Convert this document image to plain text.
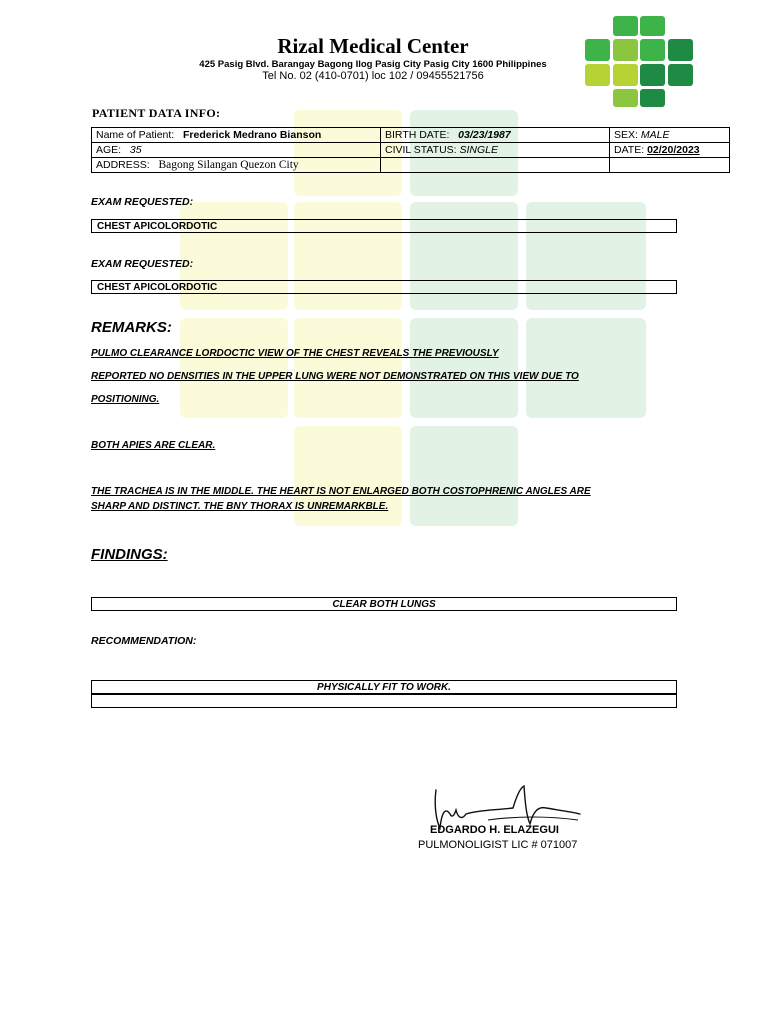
Rizal Medical Center
425 Pasig Blvd. Barangay Bagong Ilog Pasig City Pasig City 1600 Philippines
Tel No. 02 (410-0701) loc 102 / 09455521756
PATIENT DATA INFO:
Name of Patient: Frederick Medrano Bianson	BIRTH DATE: 03/23/1987	SEX: MALE
AGE: 35	CIVIL STATUS: SINGLE	DATE: 02/20/2023
ADDRESS: Bagong Silangan Quezon City		
EXAM REQUESTED:
CHEST APICOLORDOTIC
EXAM REQUESTED:
CHEST APICOLORDOTIC
REMARKS:
PULMO CLEARANCE LORDOCTIC VIEW OF THE CHEST REVEALS THE PREVIOUSLY
REPORTED NO DENSITIES IN THE UPPER LUNG WERE NOT DEMONSTRATED ON THIS VIEW DUE TO
POSITIONING.
BOTH APIES ARE CLEAR.
THE TRACHEA IS IN THE MIDDLE. THE HEART IS NOT ENLARGED BOTH COSTOPHRENIC ANGLES ARE
SHARP AND DISTINCT. THE BNY THORAX IS UNREMARKBLE.
FINDINGS:
CLEAR BOTH LUNGS
RECOMMENDATION:
PHYSICALLY FIT TO WORK.
EDGARDO H. ELAZEGUI
PULMONOLIGIST LIC # 071007
